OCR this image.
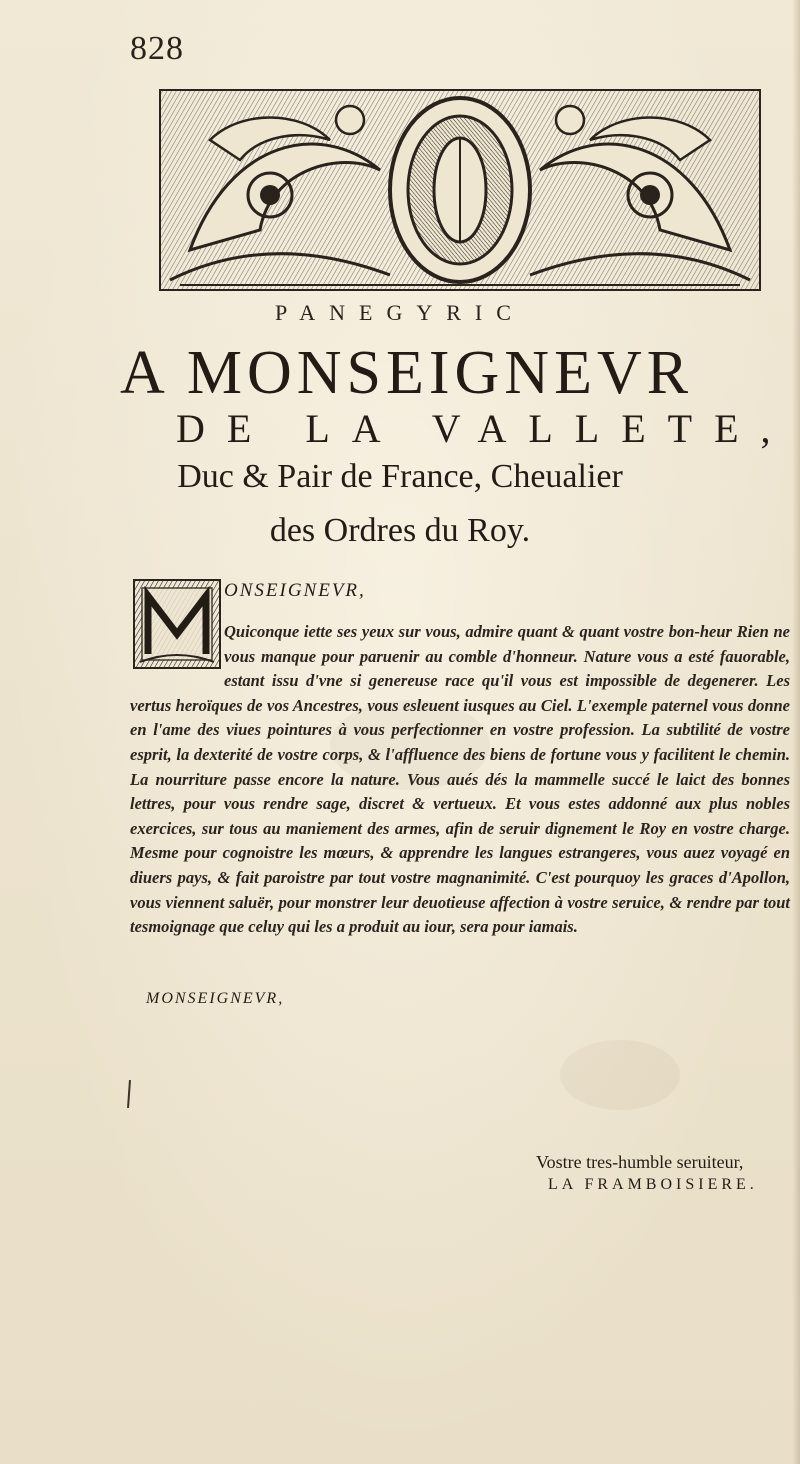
828
PANEGYRIC
A MONSEIGNEVR
DE LA VALLETE,
Duc & Pair de France, Cheualier
des Ordres du Roy.
ONSEIGNEVR,
Quiconque iette ses yeux sur vous, admire quant & quant vostre bon-heur Rien ne vous manque pour paruenir au comble d'honneur. Nature vous a esté fauorable, estant issu d'vne si genereuse race qu'il vous est impossible de degenerer. Les vertus heroïques de vos Ancestres, vous esleuent iusques au Ciel. L'exemple paternel vous donne en l'ame des viues pointures à vous perfectionner en vostre profession. La subtilité de vostre esprit, la dexterité de vostre corps, & l'affluence des biens de fortune vous y facilitent le chemin. La nourriture passe encore la nature. Vous aués dés la mammelle succé le laict des bonnes lettres, pour vous rendre sage, discret & vertueux. Et vous estes addonné aux plus nobles exercices, sur tous au maniement des armes, afin de seruir dignement le Roy en vostre charge. Mesme pour cognoistre les mœurs, & apprendre les langues estrangeres, vous auez voyagé en diuers pays, & fait paroistre par tout vostre magnanimité. C'est pourquoy les graces d'Apollon, vous viennent saluër, pour monstrer leur deuotieuse affection à vostre seruice, & rendre par tout tesmoignage que celuy qui les a produit au iour, sera pour iamais.
MONSEIGNEVR,
Vostre tres-humble seruiteur,
LA FRAMBOISIERE.
